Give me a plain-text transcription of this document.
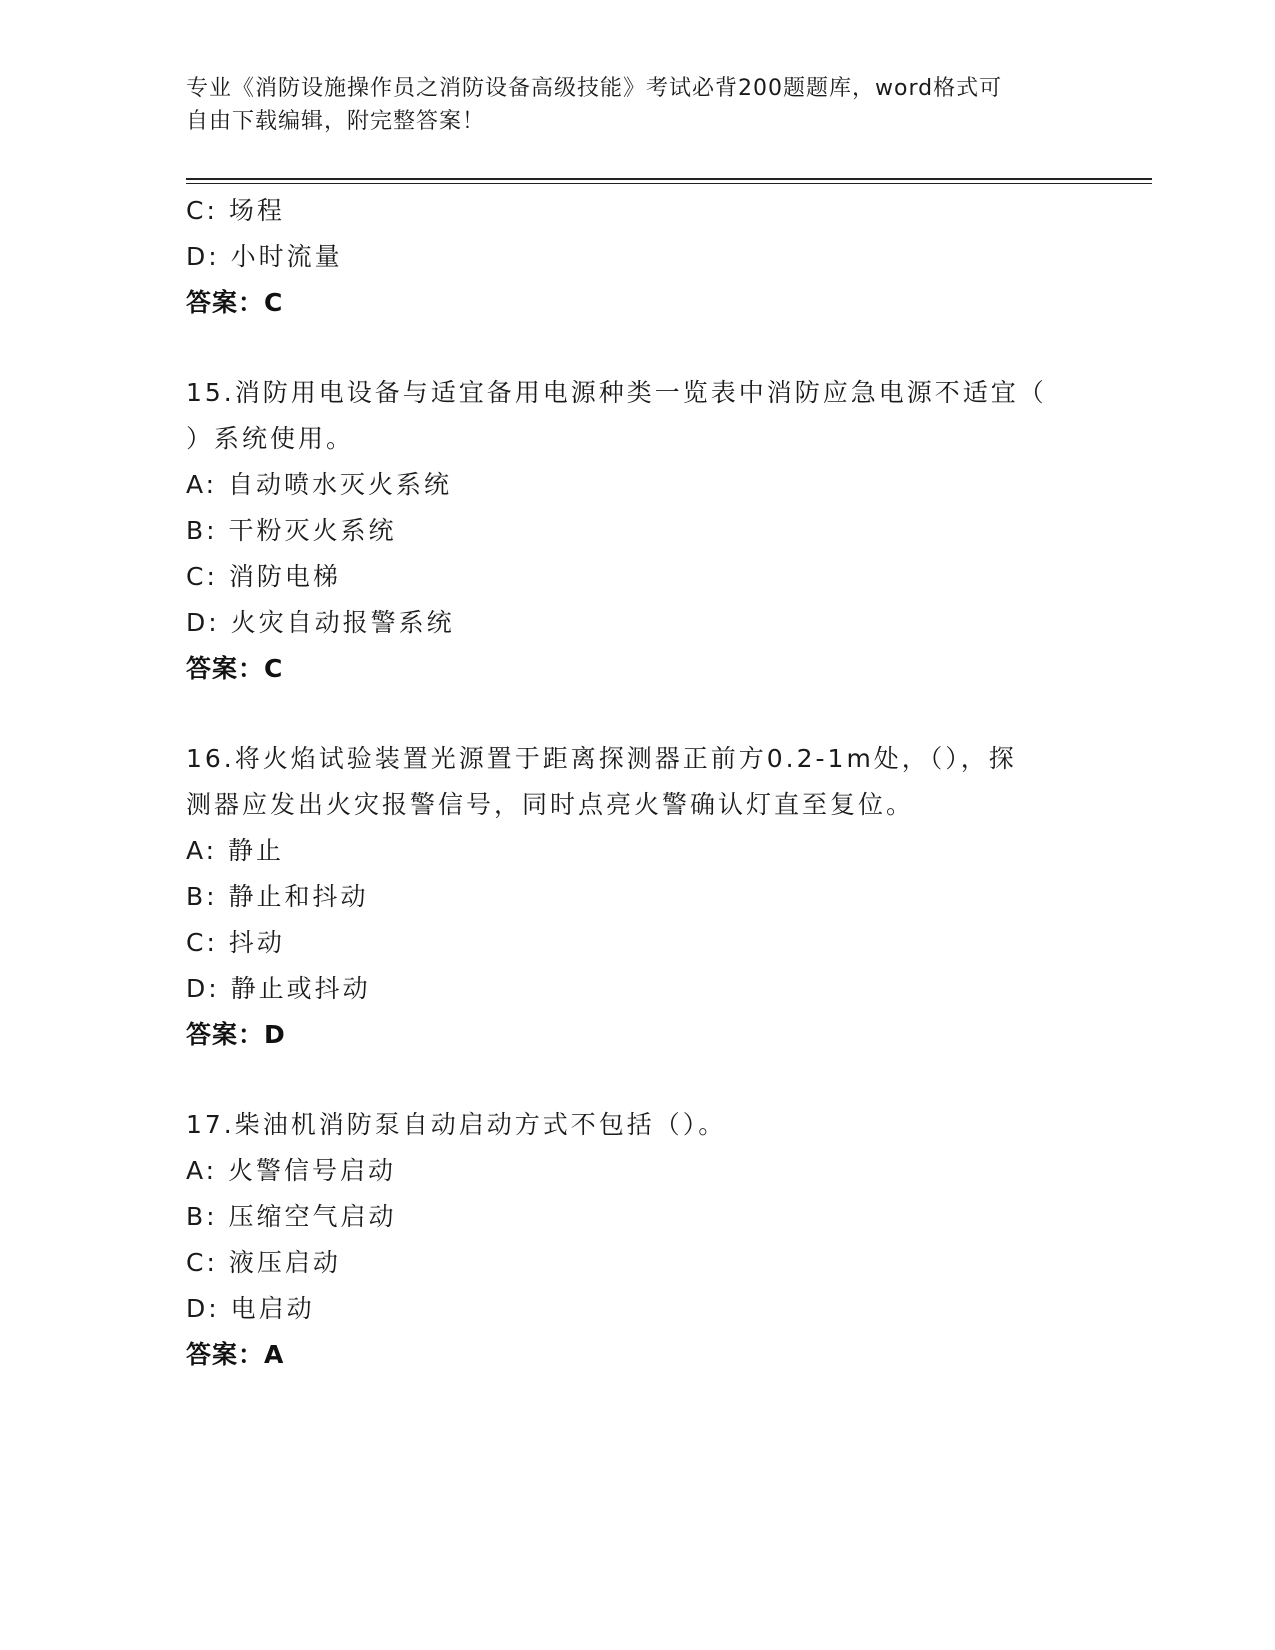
专业《消防设施操作员之消防设备高级技能》考试必背200题题库，word格式可
自由下载编辑，附完整答案！
C: 场程
D: 小时流量
答案：C
15.消防用电设备与适宜备用电源种类一览表中消防应急电源不适宜（
）系统使用。
A: 自动喷水灭火系统
B: 干粉灭火系统
C: 消防电梯
D: 火灾自动报警系统
答案：C
16.将火焰试验装置光源置于距离探测器正前方0.2-1m处，（），探
测器应发出火灾报警信号，同时点亮火警确认灯直至复位。
A: 静止
B: 静止和抖动
C: 抖动
D: 静止或抖动
答案：D
17.柴油机消防泵自动启动方式不包括（）。
A: 火警信号启动
B: 压缩空气启动
C: 液压启动
D: 电启动
答案：A
